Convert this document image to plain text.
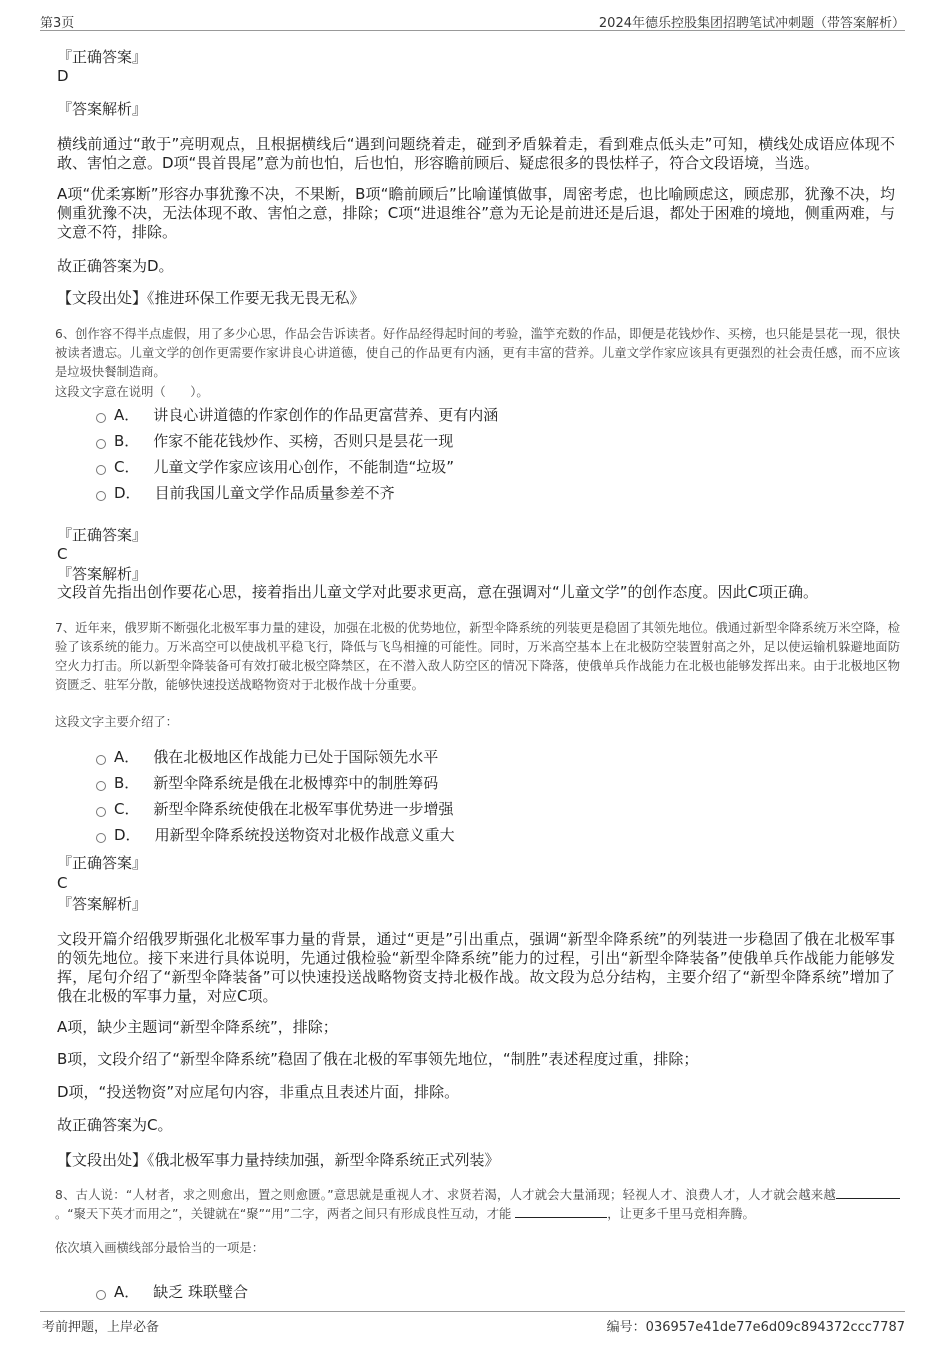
第3页	2024年德乐控股集团招聘笔试冲刺题（带答案解析）
『正确答案』
D
『答案解析』
横线前通过“敢于”亮明观点，且根据横线后“遇到问题绕着走，碰到矛盾躲着走，看到难点低头走”可知，横线处成语应体现不敢、害怕之意。D项“畏首畏尾”意为前也怕，后也怕，形容瞻前顾后、疑虑很多的畏怯样子，符合文段语境，当选。
A项“优柔寡断”形容办事犹豫不决，不果断，B项“瞻前顾后”比喻谨慎做事，周密考虑，也比喻顾虑这，顾虑那，犹豫不决，均侧重犹豫不决，无法体现不敢、害怕之意，排除；C项“进退维谷”意为无论是前进还是后退，都处于困难的境地，侧重两难，与文意不符，排除。
故正确答案为D。
【文段出处】《推进环保工作要无我无畏无私》
6、创作容不得半点虚假，用了多少心思，作品会告诉读者。好作品经得起时间的考验，滥竽充数的作品，即便是花钱炒作、买榜，也只能是昙花一现，很快被读者遗忘。儿童文学的创作更需要作家讲良心讲道德，使自己的作品更有内涵，更有丰富的营养。儿童文学作家应该具有更强烈的社会责任感，而不应该是垃圾快餐制造商。
这段文字意在说明（　　）。
A． 讲良心讲道德的作家创作的作品更富营养、更有内涵
B． 作家不能花钱炒作、买榜，否则只是昙花一现
C． 儿童文学作家应该用心创作，不能制造“垃圾”
D． 目前我国儿童文学作品质量参差不齐
『正确答案』
C
『答案解析』
文段首先指出创作要花心思，接着指出儿童文学对此要求更高，意在强调对“儿童文学”的创作态度。因此C项正确。
7、近年来，俄罗斯不断强化北极军事力量的建设，加强在北极的优势地位，新型伞降系统的列装更是稳固了其领先地位。俄通过新型伞降系统万米空降，检验了该系统的能力。万米高空可以使战机平稳飞行，降低与飞鸟相撞的可能性。同时，万米高空基本上在北极防空装置射高之外，足以使运输机躲避地面防空火力打击。所以新型伞降装备可有效打破北极空降禁区，在不潜入敌人防空区的情况下降落，使俄单兵作战能力在北极也能够发挥出来。由于北极地区物资匮乏、驻军分散，能够快速投送战略物资对于北极作战十分重要。
这段文字主要介绍了：
A． 俄在北极地区作战能力已处于国际领先水平
B． 新型伞降系统是俄在北极博弈中的制胜筹码
C． 新型伞降系统使俄在北极军事优势进一步增强
D． 用新型伞降系统投送物资对北极作战意义重大
『正确答案』
C
『答案解析』
文段开篇介绍俄罗斯强化北极军事力量的背景，通过“更是”引出重点，强调“新型伞降系统”的列装进一步稳固了俄在北极军事的领先地位。接下来进行具体说明，先通过俄检验“新型伞降系统”能力的过程，引出“新型伞降装备”使俄单兵作战能力能够发挥，尾句介绍了“新型伞降装备”可以快速投送战略物资支持北极作战。故文段为总分结构，主要介绍了“新型伞降系统”增加了俄在北极的军事力量，对应C项。
A项，缺少主题词“新型伞降系统”，排除；
B项，文段介绍了“新型伞降系统”稳固了俄在北极的军事领先地位，“制胜”表述程度过重，排除；
D项，“投送物资”对应尾句内容，非重点且表述片面，排除。
故正确答案为C。
【文段出处】《俄北极军事力量持续加强，新型伞降系统正式列装》
8、古人说：“人材者，求之则愈出，置之则愈匮。”意思就是重视人才、求贤若渴，人才就会大量涌现；轻视人才、浪费人才，人才就会越来越。“聚天下英才而用之”，关键就在“聚”“用”二字，两者之间只有形成良性互动，才能	，让更多千里马竞相奔腾。
依次填入画横线部分最恰当的一项是：
A． 缺乏 珠联璧合
考前押题，上岸必备	编号：036957e41de77e6d09c894372ccc7787
